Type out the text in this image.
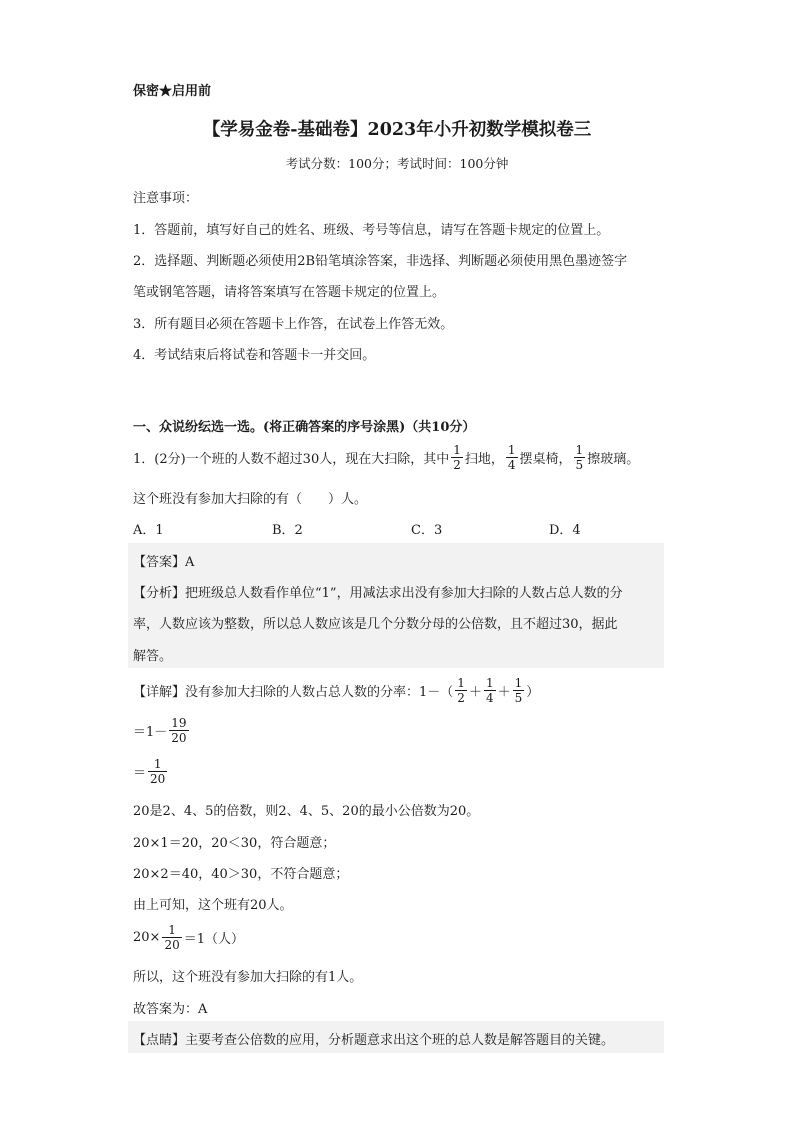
保密★启用前
【学易金卷-基础卷】2023年小升初数学模拟卷三
考试分数：100分；考试时间：100分钟
注意事项：
1．答题前，填写好自己的姓名、班级、考号等信息，请写在答题卡规定的位置上。
2．选择题、判断题必须使用2B铅笔填涂答案，非选择、判断题必须使用黑色墨迹签字
笔或钢笔答题，请将答案填写在答题卡规定的位置上。
3．所有题目必须在答题卡上作答，在试卷上作答无效。
4．考试结束后将试卷和答题卡一并交回。
一、众说纷纭选一选。(将正确答案的序号涂黑)（共10分）
1．(2分)一个班的人数不超过30人，现在大扫除，其中 $\frac{1}{2}$ 扫地， $\frac{1}{4}$ 摆桌椅， $\frac{1}{5}$ 擦玻璃。
这个班没有参加大扫除的有（　　）人。
A．1	B．2	C．3	D．4
【答案】A
【分析】把班级总人数看作单位“1”，用减法求出没有参加大扫除的人数占总人数的分
率，人数应该为整数，所以总人数应该是几个分数分母的公倍数，且不超过30，据此
解答。
【详解】 没有参加大扫除的人数占总人数的分率：$1-( \frac{1}{2} + \frac{1}{4} + \frac{1}{5}$ ）
$=1- \frac{19}{20}$
＝ $\frac{1}{20}$
20是2、4、5的倍数，则2、4、5、20的最小公倍数为20。
20×1＝20，20＜30，符合题意；
20×2＝40，40＞30，不符合题意；
由上可知，这个班有20人。
$20\times \frac{1}{20} =1$（人）
所以，这个班没有参加大扫除的有1人。
故答案为：A
【点睛】主要考查公倍数的应用，分析题意求出这个班的总人数是解答题目的关键。
